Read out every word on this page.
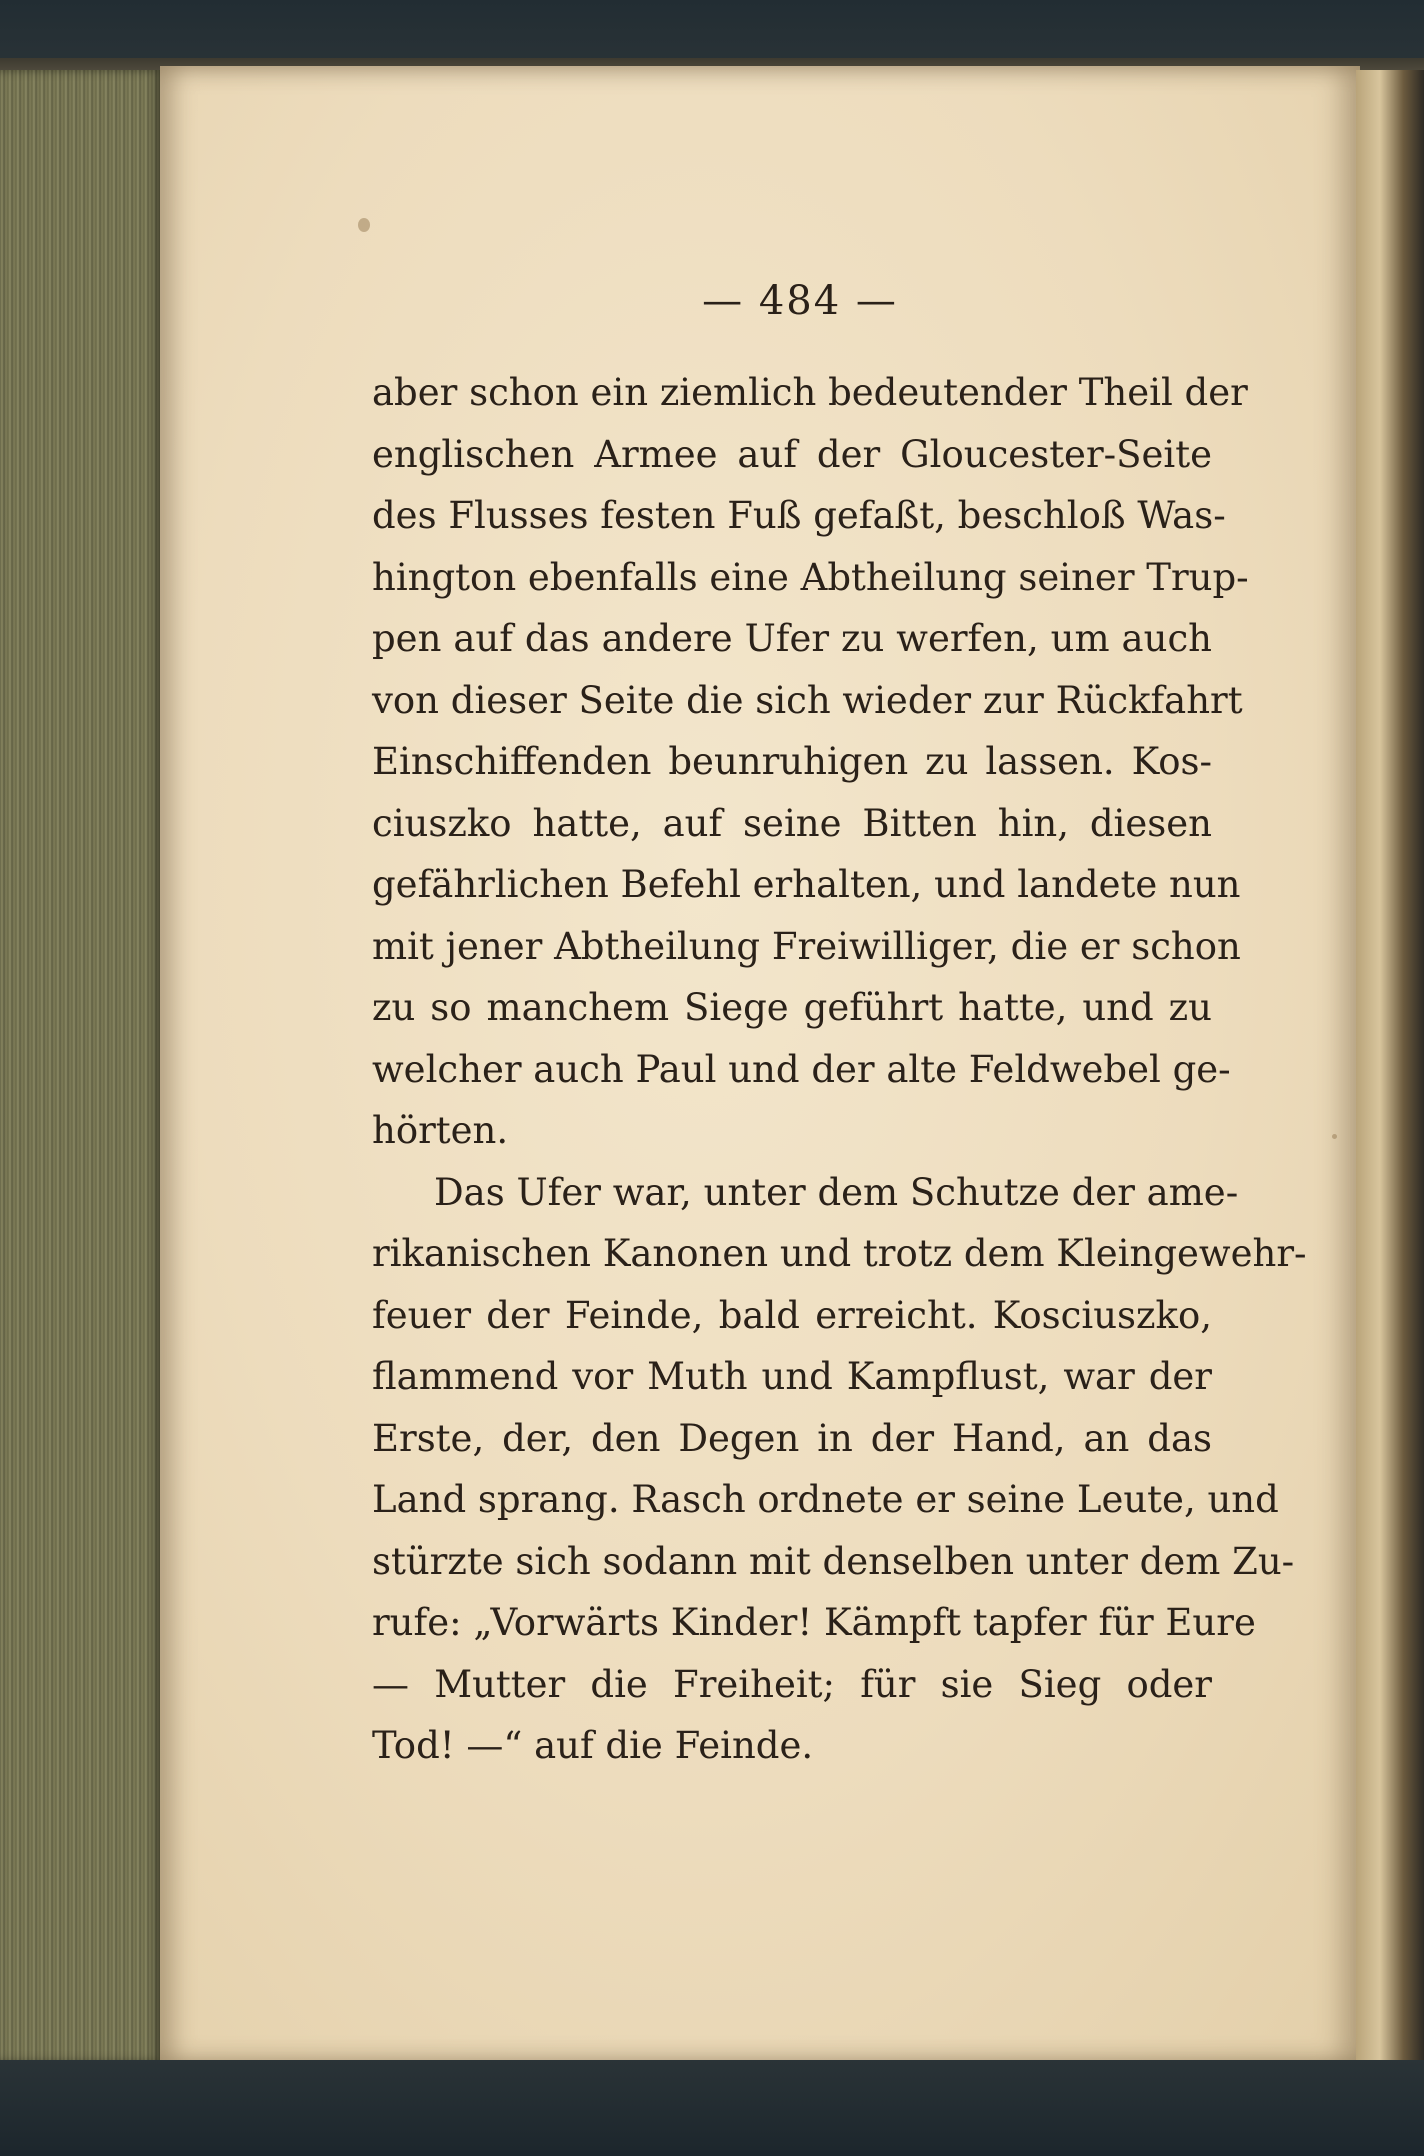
— 484 —
aber schon ein ziemlich bedeutender Theil der
englischen Armee auf der Gloucester-Seite
des Flusses festen Fuß gefaßt, beschloß Was-
hington ebenfalls eine Abtheilung seiner Trup-
pen auf das andere Ufer zu werfen, um auch
von dieser Seite die sich wieder zur Rückfahrt
Einschiffenden beunruhigen zu lassen. Kos-
ciuszko hatte, auf seine Bitten hin, diesen
gefährlichen Befehl erhalten, und landete nun
mit jener Abtheilung Freiwilliger, die er schon
zu so manchem Siege geführt hatte, und zu
welcher auch Paul und der alte Feldwebel ge-
hörten.
Das Ufer war, unter dem Schutze der ame-
rikanischen Kanonen und trotz dem Kleingewehr-
feuer der Feinde, bald erreicht. Kosciuszko,
flammend vor Muth und Kampflust, war der
Erste, der, den Degen in der Hand, an das
Land sprang. Rasch ordnete er seine Leute, und
stürzte sich sodann mit denselben unter dem Zu-
rufe: „Vorwärts Kinder! Kämpft tapfer für Eure
— Mutter die Freiheit; für sie Sieg oder
Tod! —“ auf die Feinde.
